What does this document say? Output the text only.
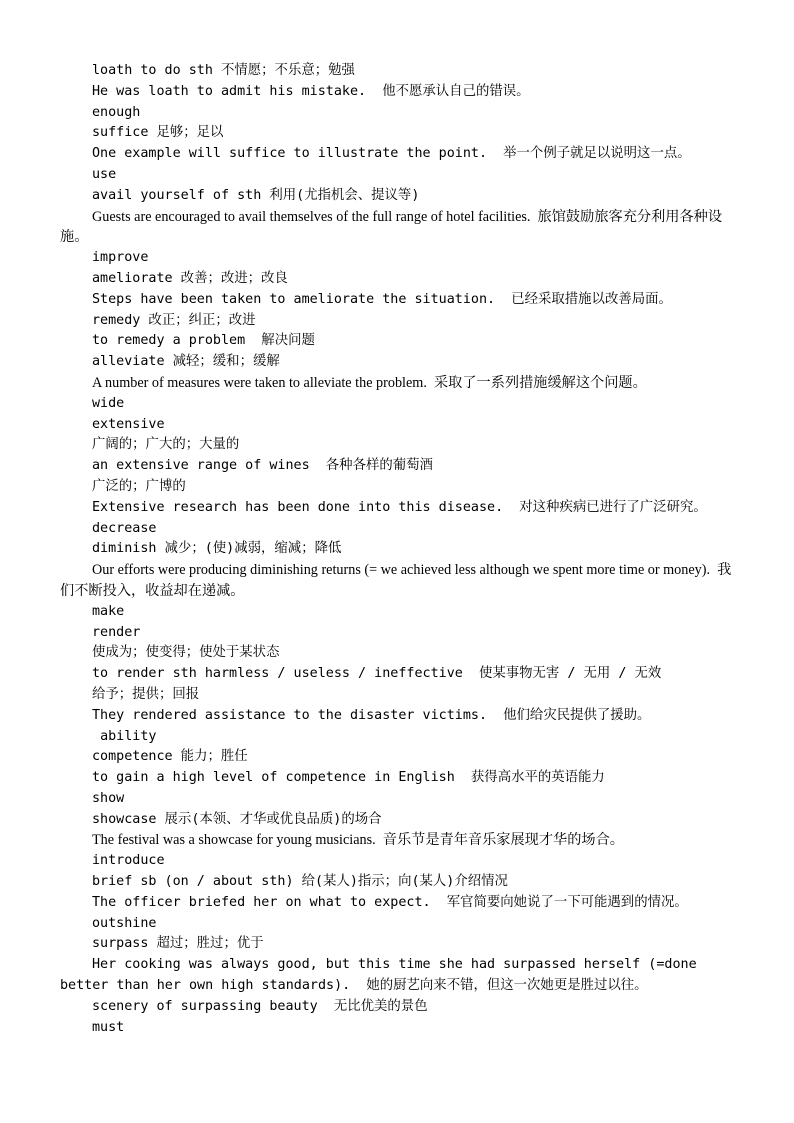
loath to do sth 不情愿；不乐意；勉强

He was loath to admit his mistake.  他不愿承认自己的错误。

enough

suffice 足够；足以

One example will suffice to illustrate the point.  举一个例子就足以说明这一点。

use

avail yourself of sth 利用(尤指机会、提议等)

Guests are encouraged to avail themselves of the full range of hotel facilities.  旅馆鼓励旅客充分利用各种设施。

improve

ameliorate 改善；改进；改良

Steps have been taken to ameliorate the situation.  已经采取措施以改善局面。

remedy 改正；纠正；改进

to remedy a problem  解决问题

alleviate 减轻；缓和；缓解

A number of measures were taken to alleviate the problem.  采取了一系列措施缓解这个问题。

wide

extensive

广阔的；广大的；大量的

an extensive range of wines  各种各样的葡萄酒

广泛的；广博的

Extensive research has been done into this disease.  对这种疾病已进行了广泛研究。

decrease

diminish 减少；(使)减弱，缩减；降低

Our efforts were producing diminishing returns (= we achieved less although we spent more time or money).  我们不断投入，收益却在递减。

make

render

使成为；使变得；使处于某状态

to render sth harmless / useless / ineffective  使某事物无害 / 无用 / 无效

给予；提供；回报

They rendered assistance to the disaster victims.  他们给灾民提供了援助。

ability

competence 能力；胜任

to gain a high level of competence in English  获得高水平的英语能力

show

showcase 展示(本领、才华或优良品质)的场合

The festival was a showcase for young musicians.  音乐节是青年音乐家展现才华的场合。

introduce

brief sb (on / about sth) 给(某人)指示；向(某人)介绍情况

The officer briefed her on what to expect.  军官简要向她说了一下可能遇到的情况。

outshine

surpass 超过；胜过；优于

Her cooking was always good, but this time she had surpassed herself (=done better than her own high standards).  她的厨艺向来不错，但这一次她更是胜过以往。

scenery of surpassing beauty  无比优美的景色

must
